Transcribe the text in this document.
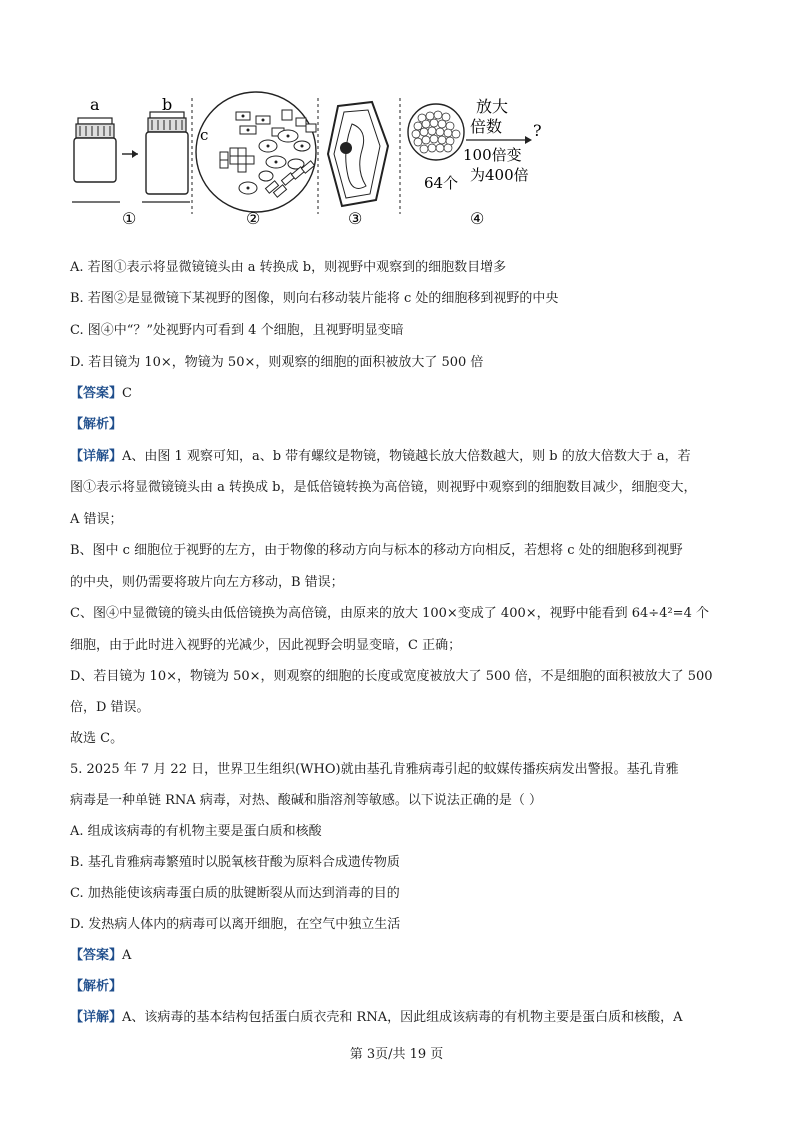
a	b
①
c
②	③
64个
放大
倍数 ?
100倍变
为400倍
④
A. 若图①表示将显微镜镜头由 a 转换成 b，则视野中观察到的细胞数目增多
B. 若图②是显微镜下某视野的图像，则向右移动装片能将 c 处的细胞移到视野的中央
C. 图④中“？”处视野内可看到 4 个细胞，且视野明显变暗
D. 若目镜为 10×，物镜为 50×，则观察的细胞的面积被放大了 500 倍
【答案】C
【解析】
【详解】A、由图 1 观察可知，a、b 带有螺纹是物镜，物镜越长放大倍数越大，则 b 的放大倍数大于 a，若
图①表示将显微镜镜头由 a 转换成 b，是低倍镜转换为高倍镜，则视野中观察到的细胞数目减少，细胞变大，
A 错误；
B、图中 c 细胞位于视野的左方，由于物像的移动方向与标本的移动方向相反，若想将 c 处的细胞移到视野
的中央，则仍需要将玻片向左方移动，B 错误；
C、图④中显微镜的镜头由低倍镜换为高倍镜，由原来的放大 100×变成了 400×，视野中能看到 64÷4²=4 个
细胞，由于此时进入视野的光减少，因此视野会明显变暗，C 正确；
D、若目镜为 10×，物镜为 50×，则观察的细胞的长度或宽度被放大了 500 倍，不是细胞的面积被放大了 500
倍，D 错误。
故选 C。
5. 2025 年 7 月 22 日，世界卫生组织(WHO)就由基孔肯雅病毒引起的蚊媒传播疾病发出警报。基孔肯雅
病毒是一种单链 RNA 病毒，对热、酸碱和脂溶剂等敏感。以下说法正确的是（ ）
A. 组成该病毒的有机物主要是蛋白质和核酸
B. 基孔肯雅病毒繁殖时以脱氧核苷酸为原料合成遗传物质
C. 加热能使该病毒蛋白质的肽键断裂从而达到消毒的目的
D. 发热病人体内的病毒可以离开细胞，在空气中独立生活
【答案】A
【解析】
【详解】A、该病毒的基本结构包括蛋白质衣壳和 RNA，因此组成该病毒的有机物主要是蛋白质和核酸，A
第 3页/共 19 页
